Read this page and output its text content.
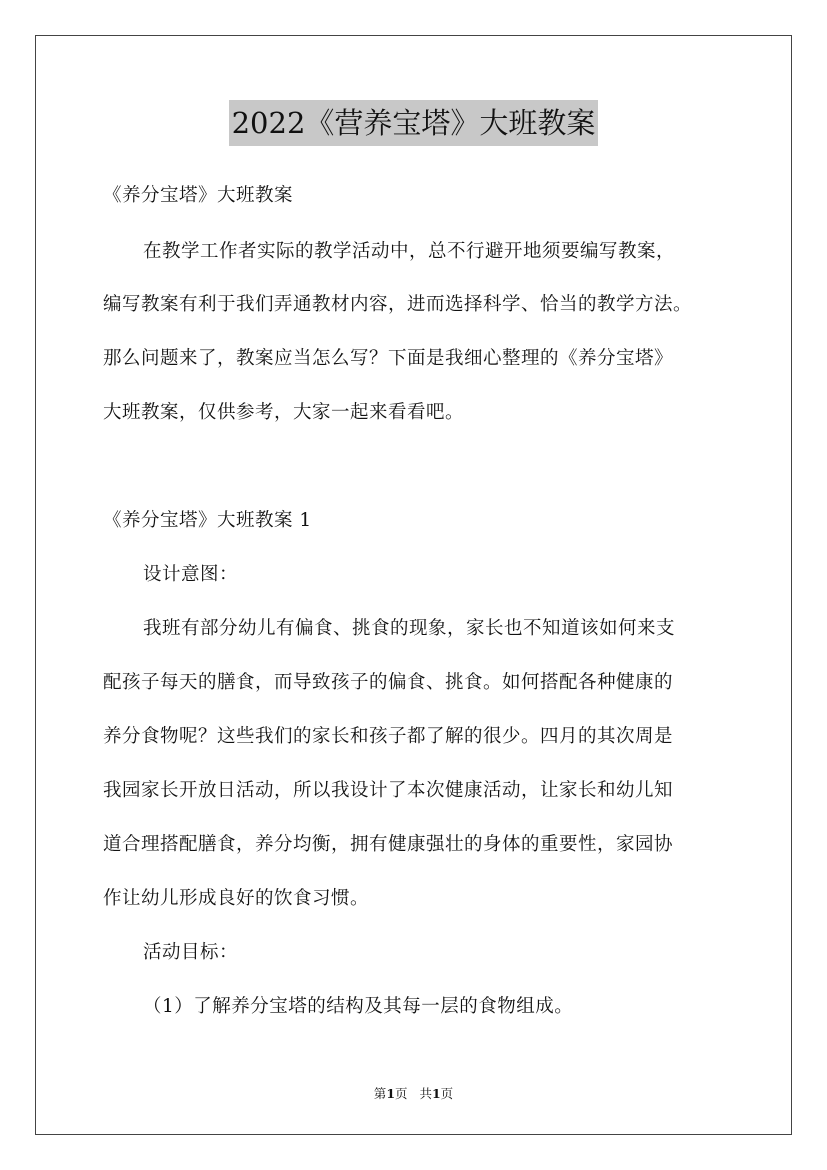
2022《营养宝塔》大班教案
《养分宝塔》大班教案
在教学工作者实际的教学活动中，总不行避开地须要编写教案，
编写教案有利于我们弄通教材内容，进而选择科学、恰当的教学方法。
那么问题来了，教案应当怎么写？下面是我细心整理的《养分宝塔》
大班教案，仅供参考，大家一起来看看吧。
《养分宝塔》大班教案 1
设计意图：
我班有部分幼儿有偏食、挑食的现象，家长也不知道该如何来支
配孩子每天的膳食，而导致孩子的偏食、挑食。如何搭配各种健康的
养分食物呢？这些我们的家长和孩子都了解的很少。四月的其次周是
我园家长开放日活动，所以我设计了本次健康活动，让家长和幼儿知
道合理搭配膳食，养分均衡，拥有健康强壮的身体的重要性，家园协
作让幼儿形成良好的饮食习惯。
活动目标：
（1）了解养分宝塔的结构及其每一层的食物组成。
第1页 共1页
